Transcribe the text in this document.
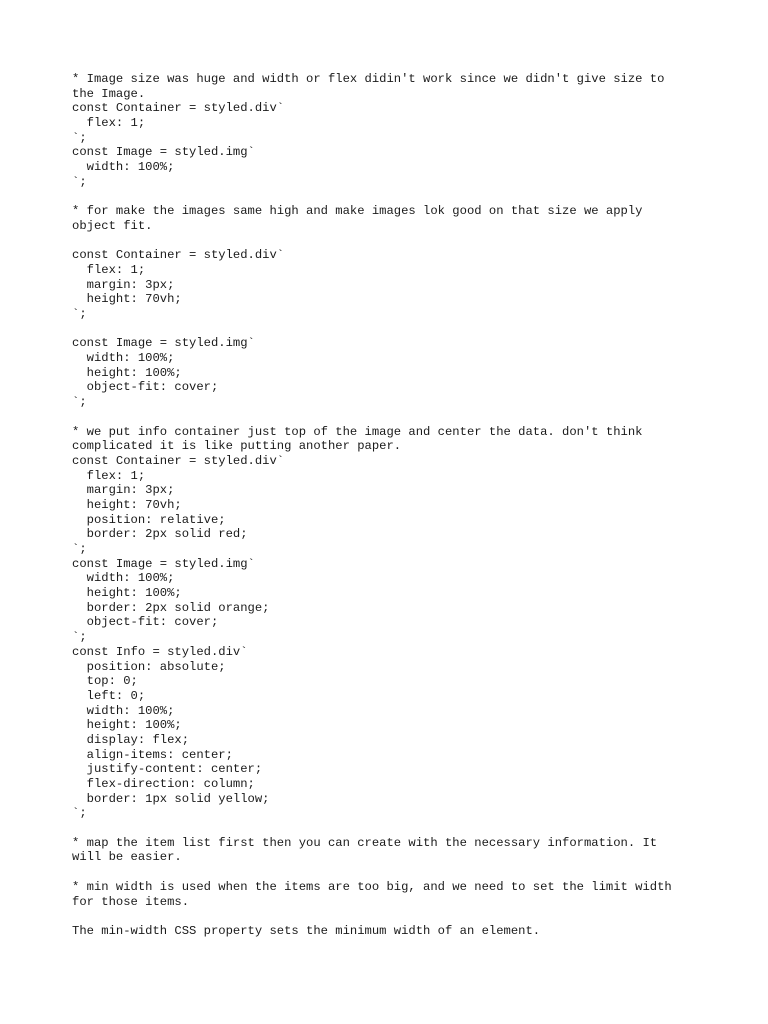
* Image size was huge and width or flex didin't work since we didn't give size to
the Image.
const Container = styled.div`
flex: 1;
`;
const Image = styled.img`
width: 100%;
`;
* for make the images same high and make images lok good on that size we apply
object fit.
const Container = styled.div`
flex: 1;
margin: 3px;
height: 70vh;
`;
const Image = styled.img`
width: 100%;
height: 100%;
object-fit: cover;
`;
* we put info container just top of the image and center the data. don't think
complicated it is like putting another paper.
const Container = styled.div`
flex: 1;
margin: 3px;
height: 70vh;
position: relative;
border: 2px solid red;
`;
const Image = styled.img`
width: 100%;
height: 100%;
border: 2px solid orange;
object-fit: cover;
`;
const Info = styled.div`
position: absolute;
top: 0;
left: 0;
width: 100%;
height: 100%;
display: flex;
align-items: center;
justify-content: center;
flex-direction: column;
border: 1px solid yellow;
`;
* map the item list first then you can create with the necessary information. It
will be easier.
* min width is used when the items are too big, and we need to set the limit width
for those items.
The min-width CSS property sets the minimum width of an element.
